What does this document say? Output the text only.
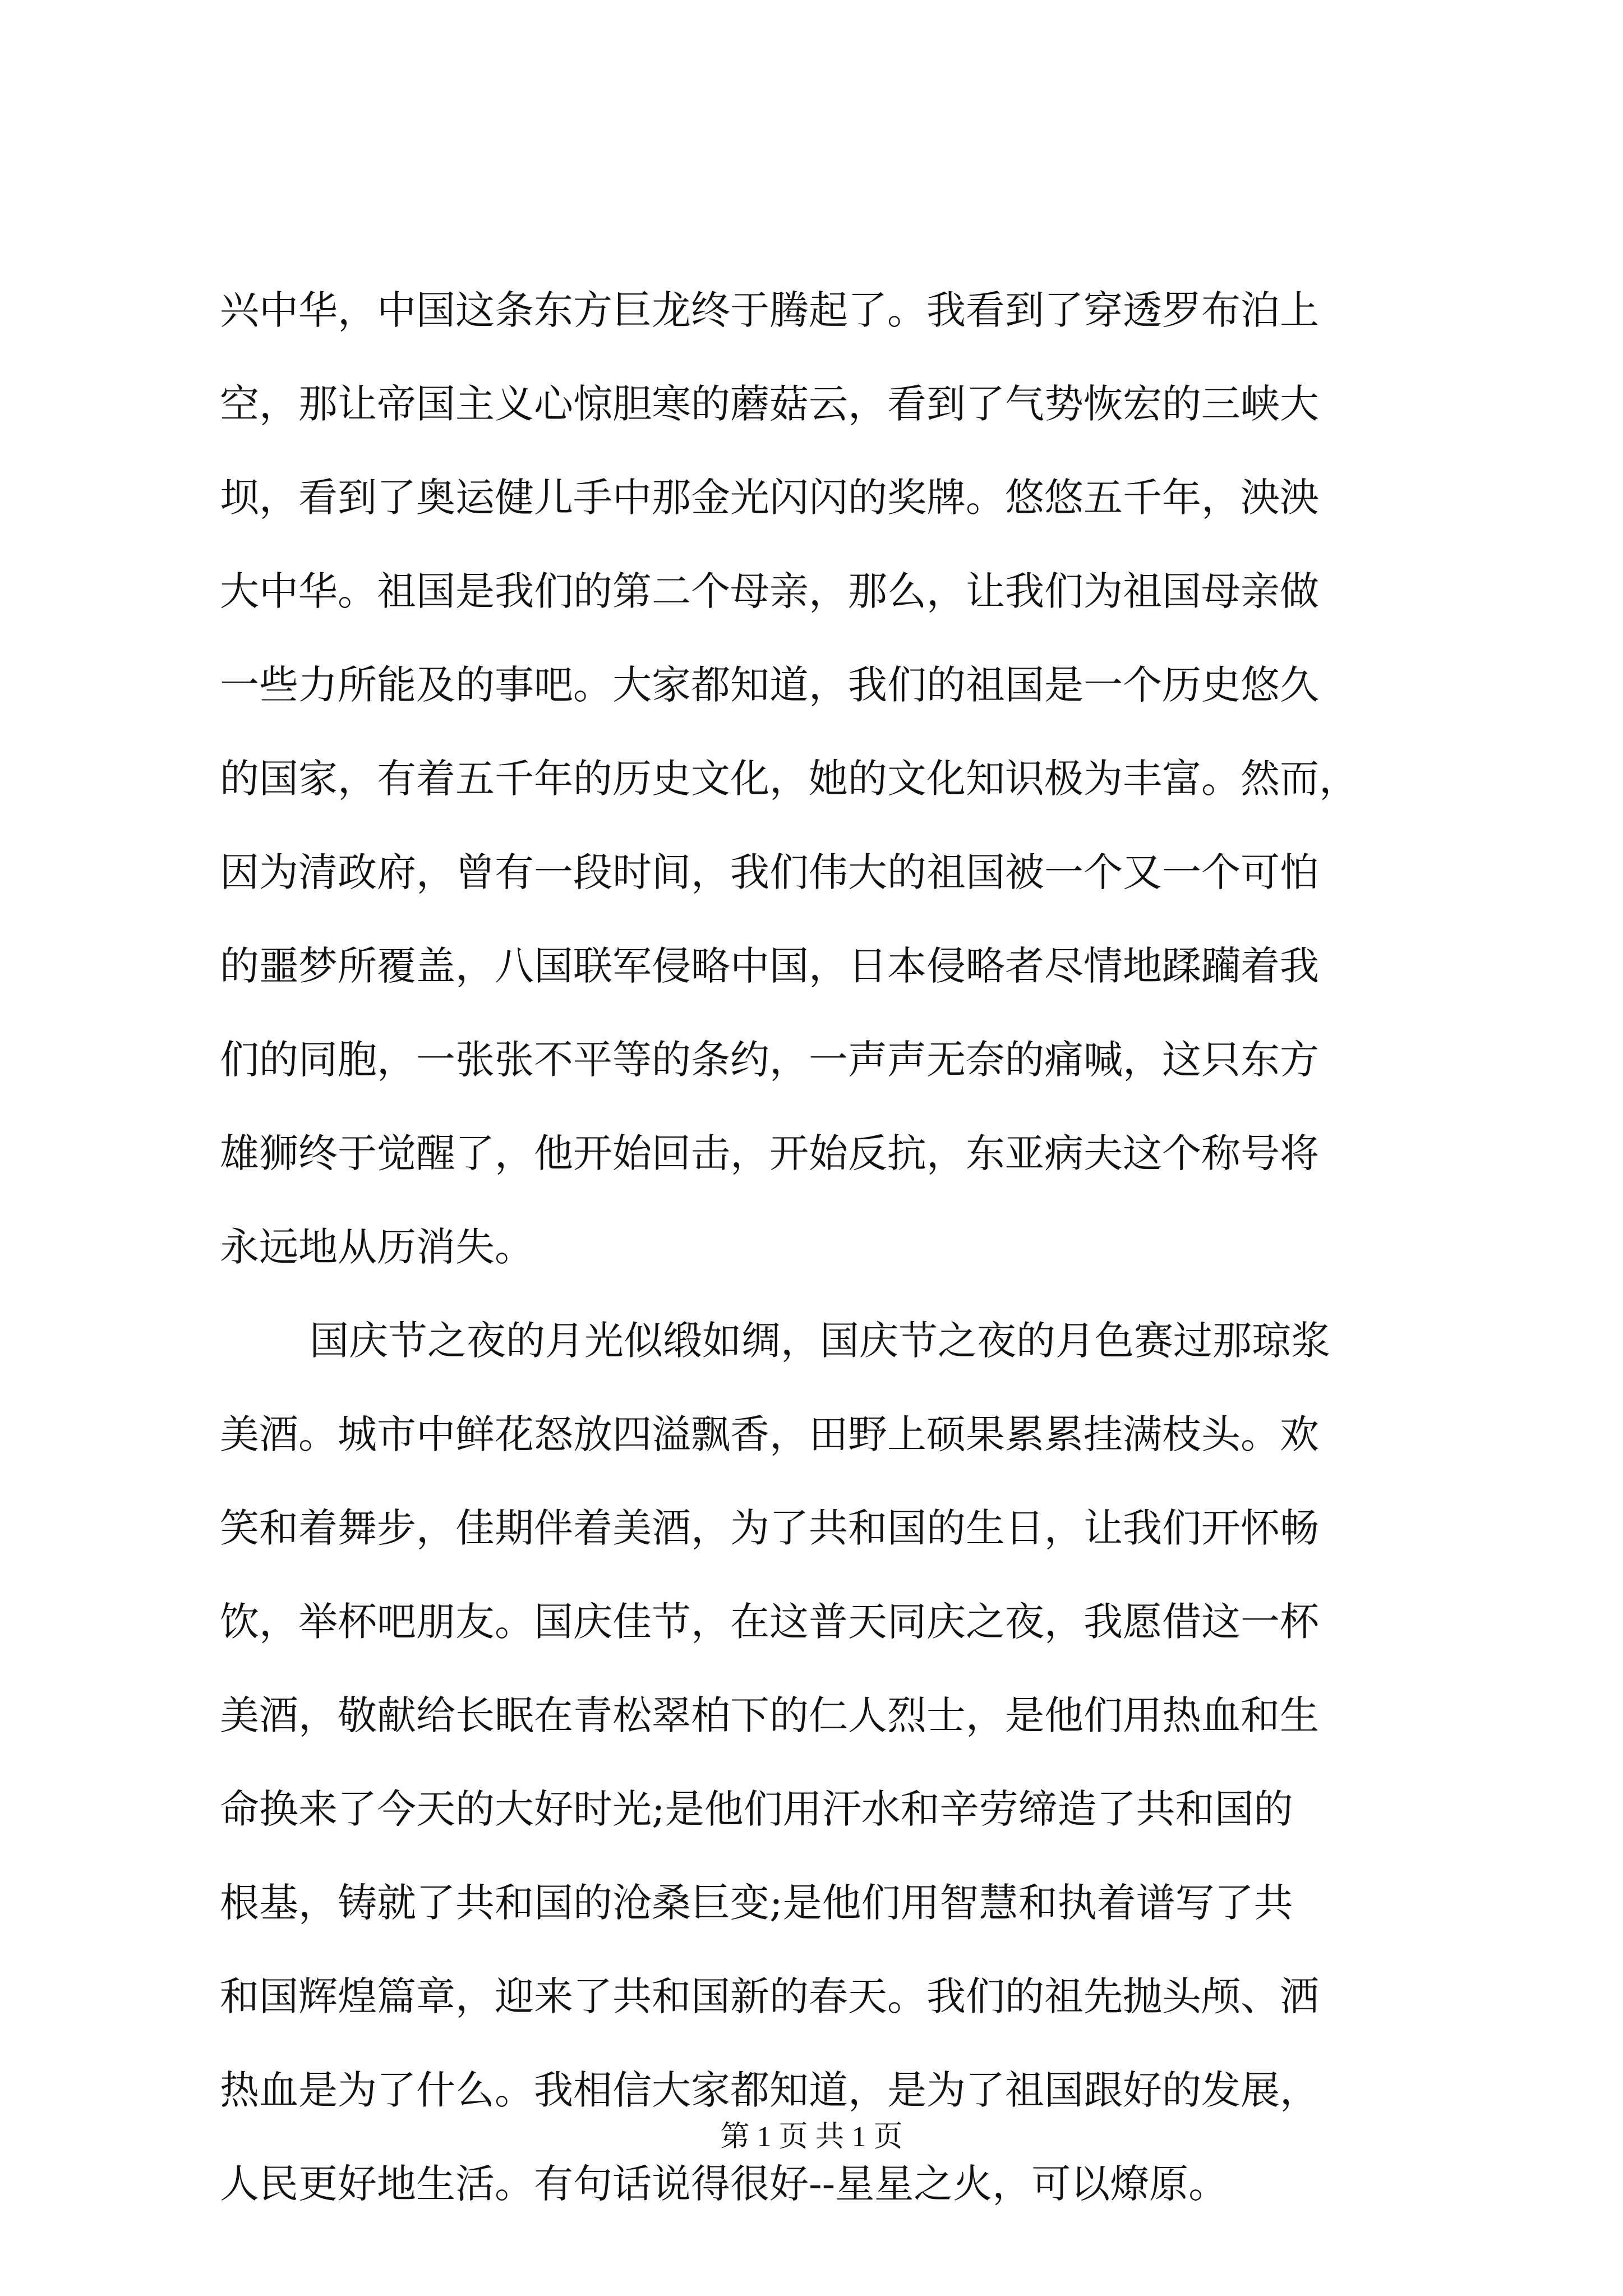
兴中华，中国这条东方巨龙终于腾起了。我看到了穿透罗布泊上
空，那让帝国主义心惊胆寒的蘑菇云，看到了气势恢宏的三峡大
坝，看到了奥运健儿手中那金光闪闪的奖牌。悠悠五千年，泱泱
大中华。祖国是我们的第二个母亲，那么，让我们为祖国母亲做
一些力所能及的事吧。大家都知道，我们的祖国是一个历史悠久
的国家，有着五千年的历史文化，她的文化知识极为丰富。然而，
因为清政府，曾有一段时间，我们伟大的祖国被一个又一个可怕
的噩梦所覆盖，八国联军侵略中国，日本侵略者尽情地蹂躏着我
们的同胞，一张张不平等的条约，一声声无奈的痛喊，这只东方
雄狮终于觉醒了，他开始回击，开始反抗，东亚病夫这个称号将
永远地从历消失。
国庆节之夜的月光似缎如绸，国庆节之夜的月色赛过那琼浆
美酒。城市中鲜花怒放四溢飘香，田野上硕果累累挂满枝头。欢
笑和着舞步，佳期伴着美酒，为了共和国的生日，让我们开怀畅
饮，举杯吧朋友。国庆佳节，在这普天同庆之夜，我愿借这一杯
美酒，敬献给长眠在青松翠柏下的仁人烈士，是他们用热血和生
命换来了今天的大好时光;是他们用汗水和辛劳缔造了共和国的
根基，铸就了共和国的沧桑巨变;是他们用智慧和执着谱写了共
和国辉煌篇章，迎来了共和国新的春天。我们的祖先抛头颅、洒
热血是为了什么。我相信大家都知道，是为了祖国跟好的发展，
人民更好地生活。有句话说得很好--星星之火，可以燎原。
第 1 页 共 1 页
